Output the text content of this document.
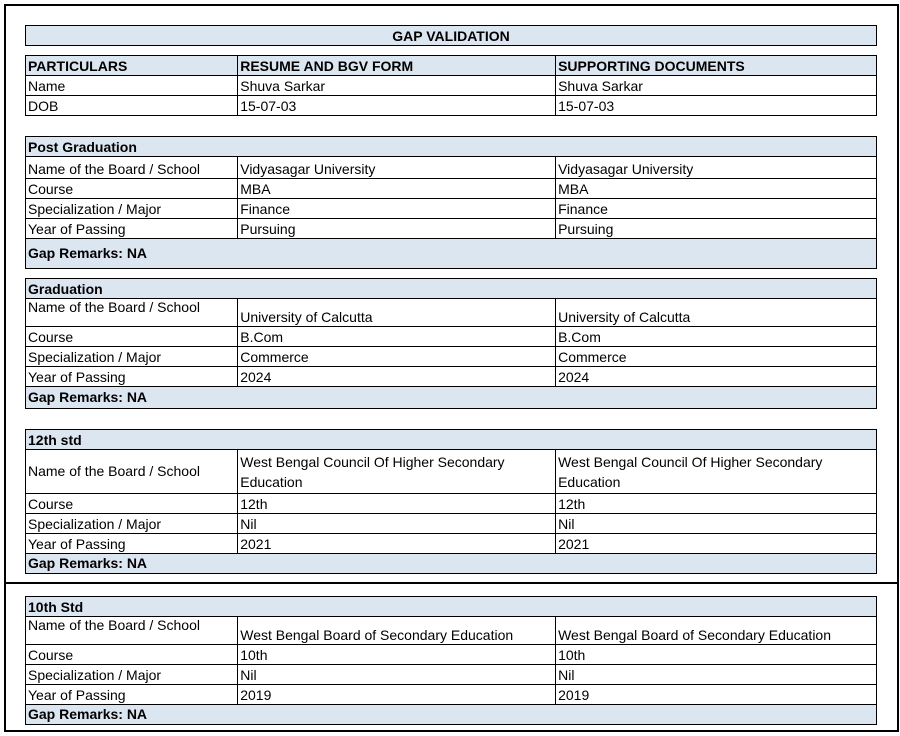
GAP VALIDATION		

PARTICULARS	RESUME AND BGV FORM	SUPPORTING DOCUMENTS
Name	Shuva Sarkar	Shuva Sarkar
DOB	15-07-03	15-07-03
Post Graduation		
Name of the Board / School	Vidyasagar University	Vidyasagar University
Course	MBA	MBA
Specialization / Major	Finance	Finance
Year of Passing	Pursuing	Pursuing
Gap Remarks: NA		
Graduation		
Name of the Board / School	University of Calcutta	University of Calcutta
Course	B.Com	B.Com
Specialization / Major	Commerce	Commerce
Year of Passing	2024	2024
Gap Remarks: NA		
12th std		
Name of the Board / School	West Bengal Council Of Higher Secondary Education	West Bengal Council Of Higher Secondary Education
Course	12th	12th
Specialization / Major	Nil	Nil
Year of Passing	2021	2021
Gap Remarks: NA		
10th Std		
Name of the Board / School	West Bengal Board of Secondary Education	West Bengal Board of Secondary Education
Course	10th	10th
Specialization / Major	Nil	Nil
Year of Passing	2019	2019
Gap Remarks: NA		
